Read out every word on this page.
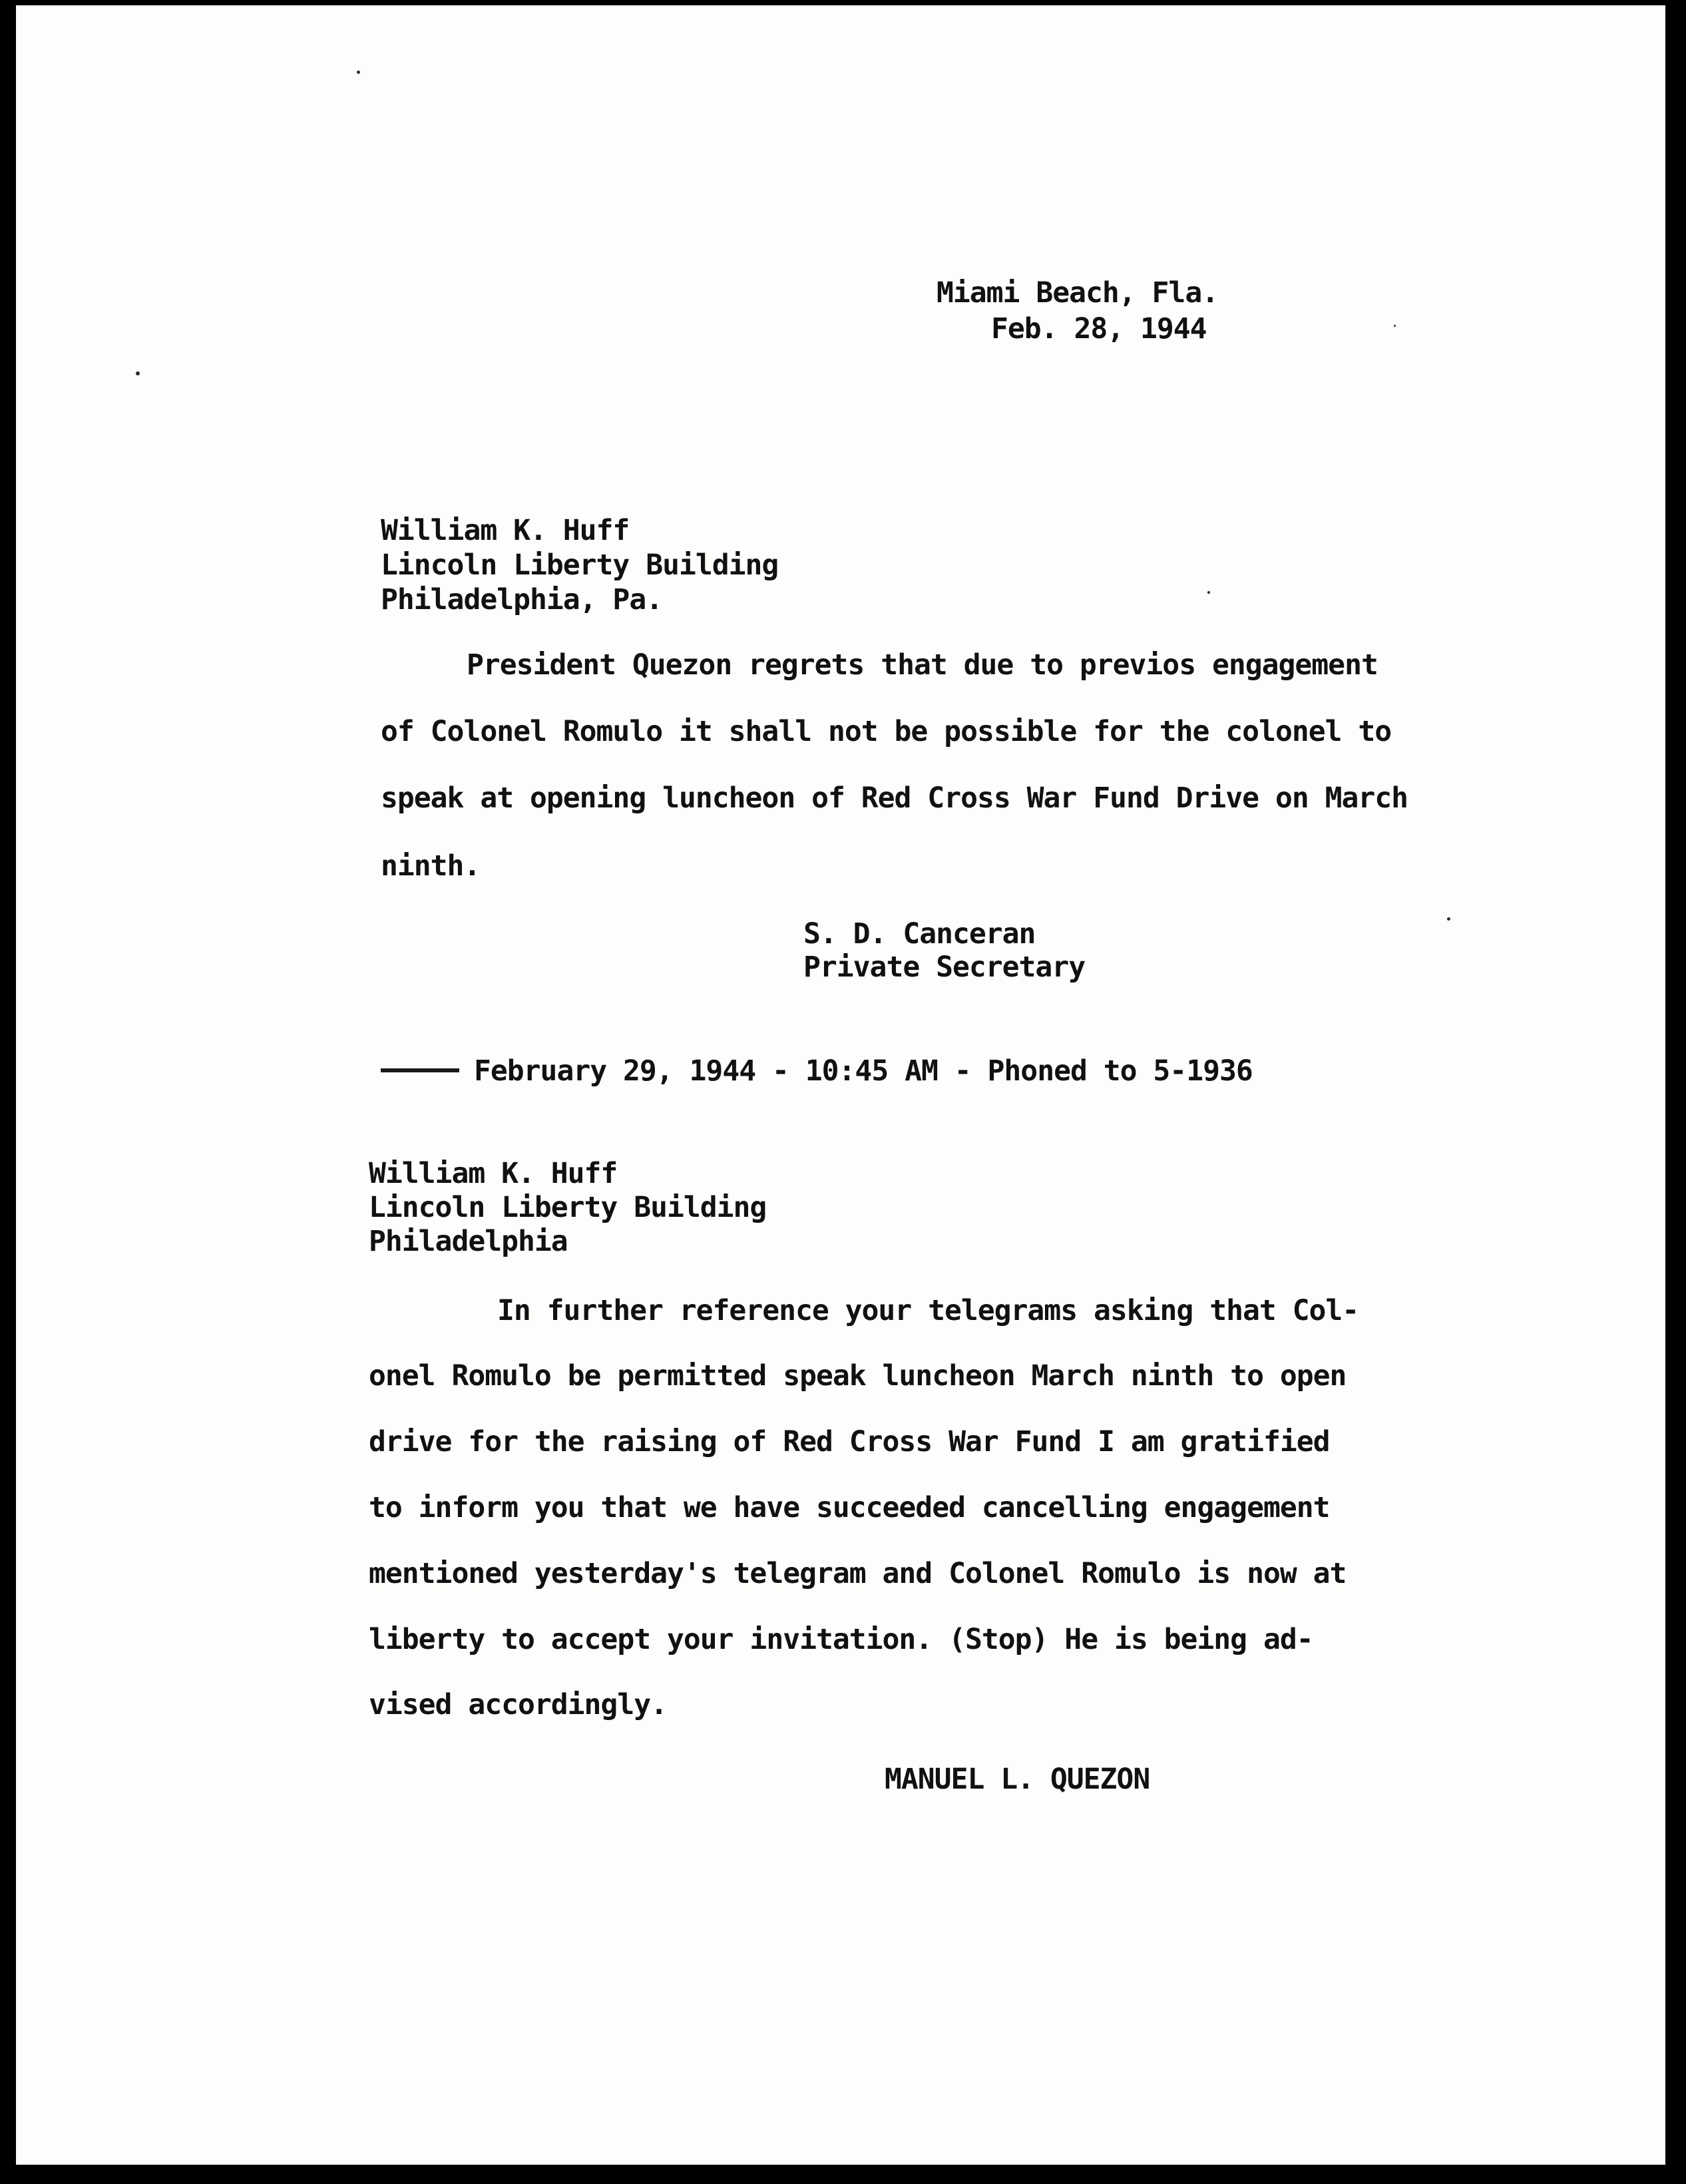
Miami Beach, Fla.
Feb. 28, 1944
William K. Huff
Lincoln Liberty Building
Philadelphia, Pa.
President Quezon regrets that due to previos engagement
of Colonel Romulo it shall not be possible for the colonel to
speak at opening luncheon of Red Cross War Fund Drive on March
ninth.
S. D. Canceran
Private Secretary
February 29, 1944 - 10:45 AM - Phoned to 5-1936
William K. Huff
Lincoln Liberty Building
Philadelphia
In further reference your telegrams asking that Col-
onel Romulo be permitted speak luncheon March ninth to open
drive for the raising of Red Cross War Fund I am gratified
to inform you that we have succeeded cancelling engagement
mentioned yesterday's telegram and Colonel Romulo is now at
liberty to accept your invitation. (Stop) He is being ad-
vised accordingly.
MANUEL L. QUEZON
